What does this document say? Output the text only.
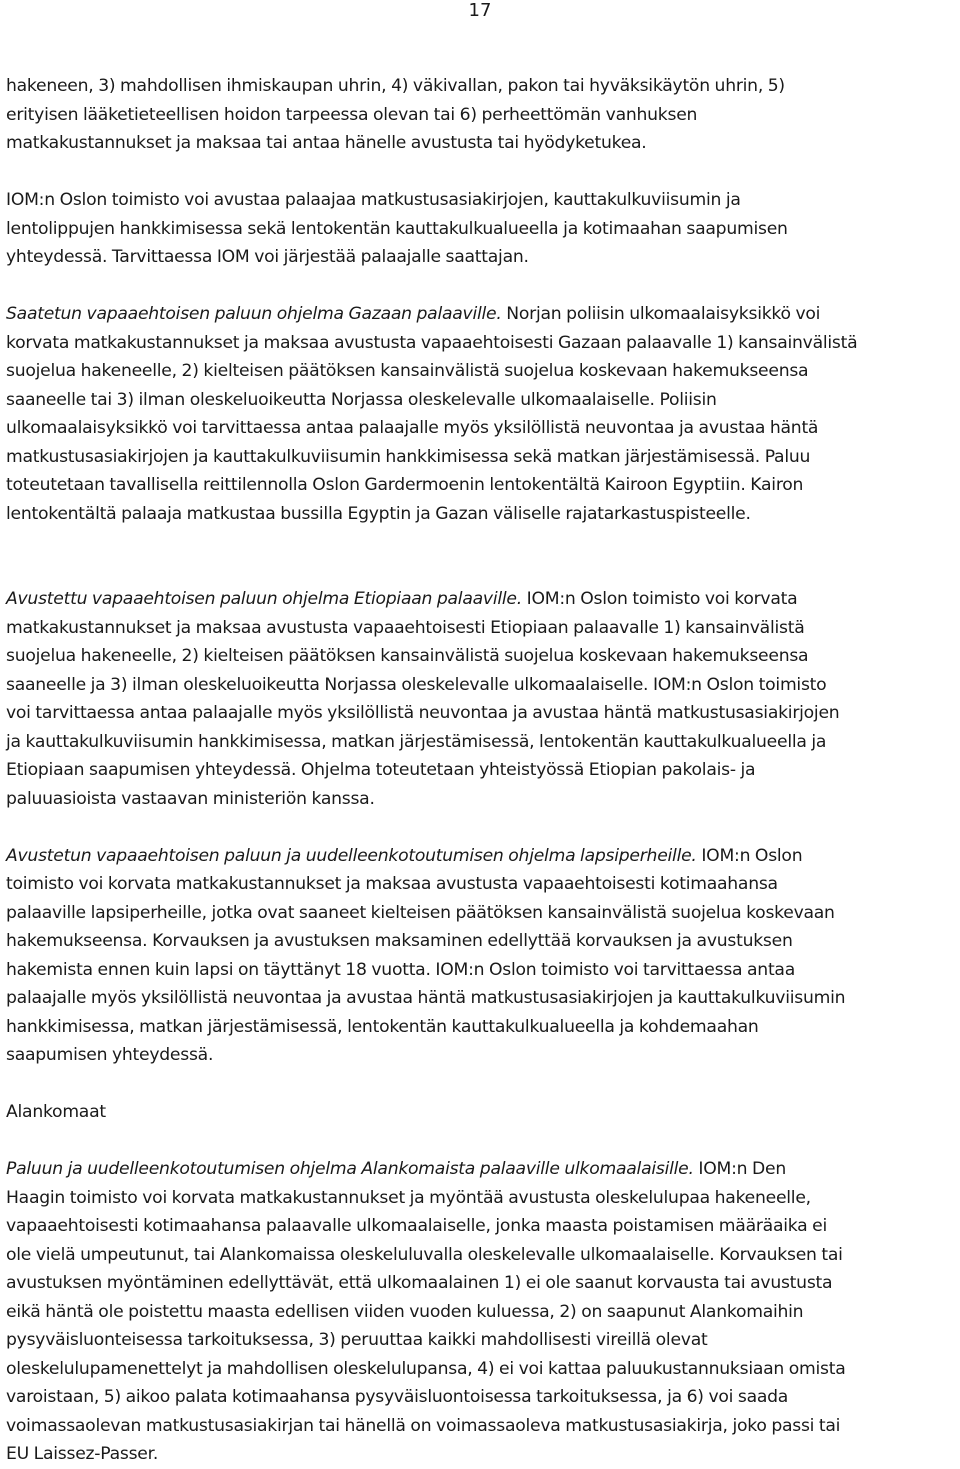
17

hakeneen, 3) mahdollisen ihmiskaupan uhrin, 4) väkivallan, pakon tai hyväksikäytön uhrin, 5)
erityisen lääketieteellisen hoidon tarpeessa olevan tai 6) perheettömän vanhuksen
matkakustannukset ja maksaa tai antaa hänelle avustusta tai hyödyketukea.

IOM:n Oslon toimisto voi avustaa palaajaa matkustusasiakirjojen, kauttakulkuviisumin ja
lentolippujen hankkimisessa sekä lentokentän kauttakulkualueella ja kotimaahan saapumisen
yhteydessä. Tarvittaessa IOM voi järjestää palaajalle saattajan.

Saatetun vapaaehtoisen paluun ohjelma Gazaan palaaville. Norjan poliisin ulkomaalaisyksikkö voi
korvata matkakustannukset ja maksaa avustusta vapaaehtoisesti Gazaan palaavalle 1) kansainvälistä
suojelua hakeneelle, 2) kielteisen päätöksen kansainvälistä suojelua koskevaan hakemukseensa
saaneelle tai 3) ilman oleskeluoikeutta Norjassa oleskelevalle ulkomaalaiselle. Poliisin
ulkomaalaisyksikkö voi tarvittaessa antaa palaajalle myös yksilöllistä neuvontaa ja avustaa häntä
matkustusasiakirjojen ja kauttakulkuviisumin hankkimisessa sekä matkan järjestämisessä. Paluu
toteutetaan tavallisella reittilennolla Oslon Gardermoenin lentokentältä Kairoon Egyptiin. Kairon
lentokentältä palaaja matkustaa bussilla Egyptin ja Gazan väliselle rajatarkastuspisteelle.

Avustettu vapaaehtoisen paluun ohjelma Etiopiaan palaaville. IOM:n Oslon toimisto voi korvata
matkakustannukset ja maksaa avustusta vapaaehtoisesti Etiopiaan palaavalle 1) kansainvälistä
suojelua hakeneelle, 2) kielteisen päätöksen kansainvälistä suojelua koskevaan hakemukseensa
saaneelle ja 3) ilman oleskeluoikeutta Norjassa oleskelevalle ulkomaalaiselle. IOM:n Oslon toimisto
voi tarvittaessa antaa palaajalle myös yksilöllistä neuvontaa ja avustaa häntä matkustusasiakirjojen
ja kauttakulkuviisumin hankkimisessa, matkan järjestämisessä, lentokentän kauttakulkualueella ja
Etiopiaan saapumisen yhteydessä. Ohjelma toteutetaan yhteistyössä Etiopian pakolais- ja
paluuasioista vastaavan ministeriön kanssa.

Avustetun vapaaehtoisen paluun ja uudelleenkotoutumisen ohjelma lapsiperheille. IOM:n Oslon
toimisto voi korvata matkakustannukset ja maksaa avustusta vapaaehtoisesti kotimaahansa
palaaville lapsiperheille, jotka ovat saaneet kielteisen päätöksen kansainvälistä suojelua koskevaan
hakemukseensa. Korvauksen ja avustuksen maksaminen edellyttää korvauksen ja avustuksen
hakemista ennen kuin lapsi on täyttänyt 18 vuotta. IOM:n Oslon toimisto voi tarvittaessa antaa
palaajalle myös yksilöllistä neuvontaa ja avustaa häntä matkustusasiakirjojen ja kauttakulkuviisumin
hankkimisessa, matkan järjestämisessä, lentokentän kauttakulkualueella ja kohdemaahan
saapumisen yhteydessä.

Alankomaat

Paluun ja uudelleenkotoutumisen ohjelma Alankomaista palaaville ulkomaalaisille. IOM:n Den
Haagin toimisto voi korvata matkakustannukset ja myöntää avustusta oleskelulupaa hakeneelle,
vapaaehtoisesti kotimaahansa palaavalle ulkomaalaiselle, jonka maasta poistamisen määräaika ei
ole vielä umpeutunut, tai Alankomaissa oleskeluluvalla oleskelevalle ulkomaalaiselle. Korvauksen tai
avustuksen myöntäminen edellyttävät, että ulkomaalainen 1) ei ole saanut korvausta tai avustusta
eikä häntä ole poistettu maasta edellisen viiden vuoden kuluessa, 2) on saapunut Alankomaihin
pysyväisluonteisessa tarkoituksessa, 3) peruuttaa kaikki mahdollisesti vireillä olevat
oleskelulupamenettelyt ja mahdollisen oleskelulupansa, 4) ei voi kattaa paluukustannuksiaan omista
varoistaan, 5) aikoo palata kotimaahansa pysyväisluontoisessa tarkoituksessa, ja 6) voi saada
voimassaolevan matkustusasiakirjan tai hänellä on voimassaoleva matkustusasiakirja, joko passi tai
EU Laissez-Passer.
